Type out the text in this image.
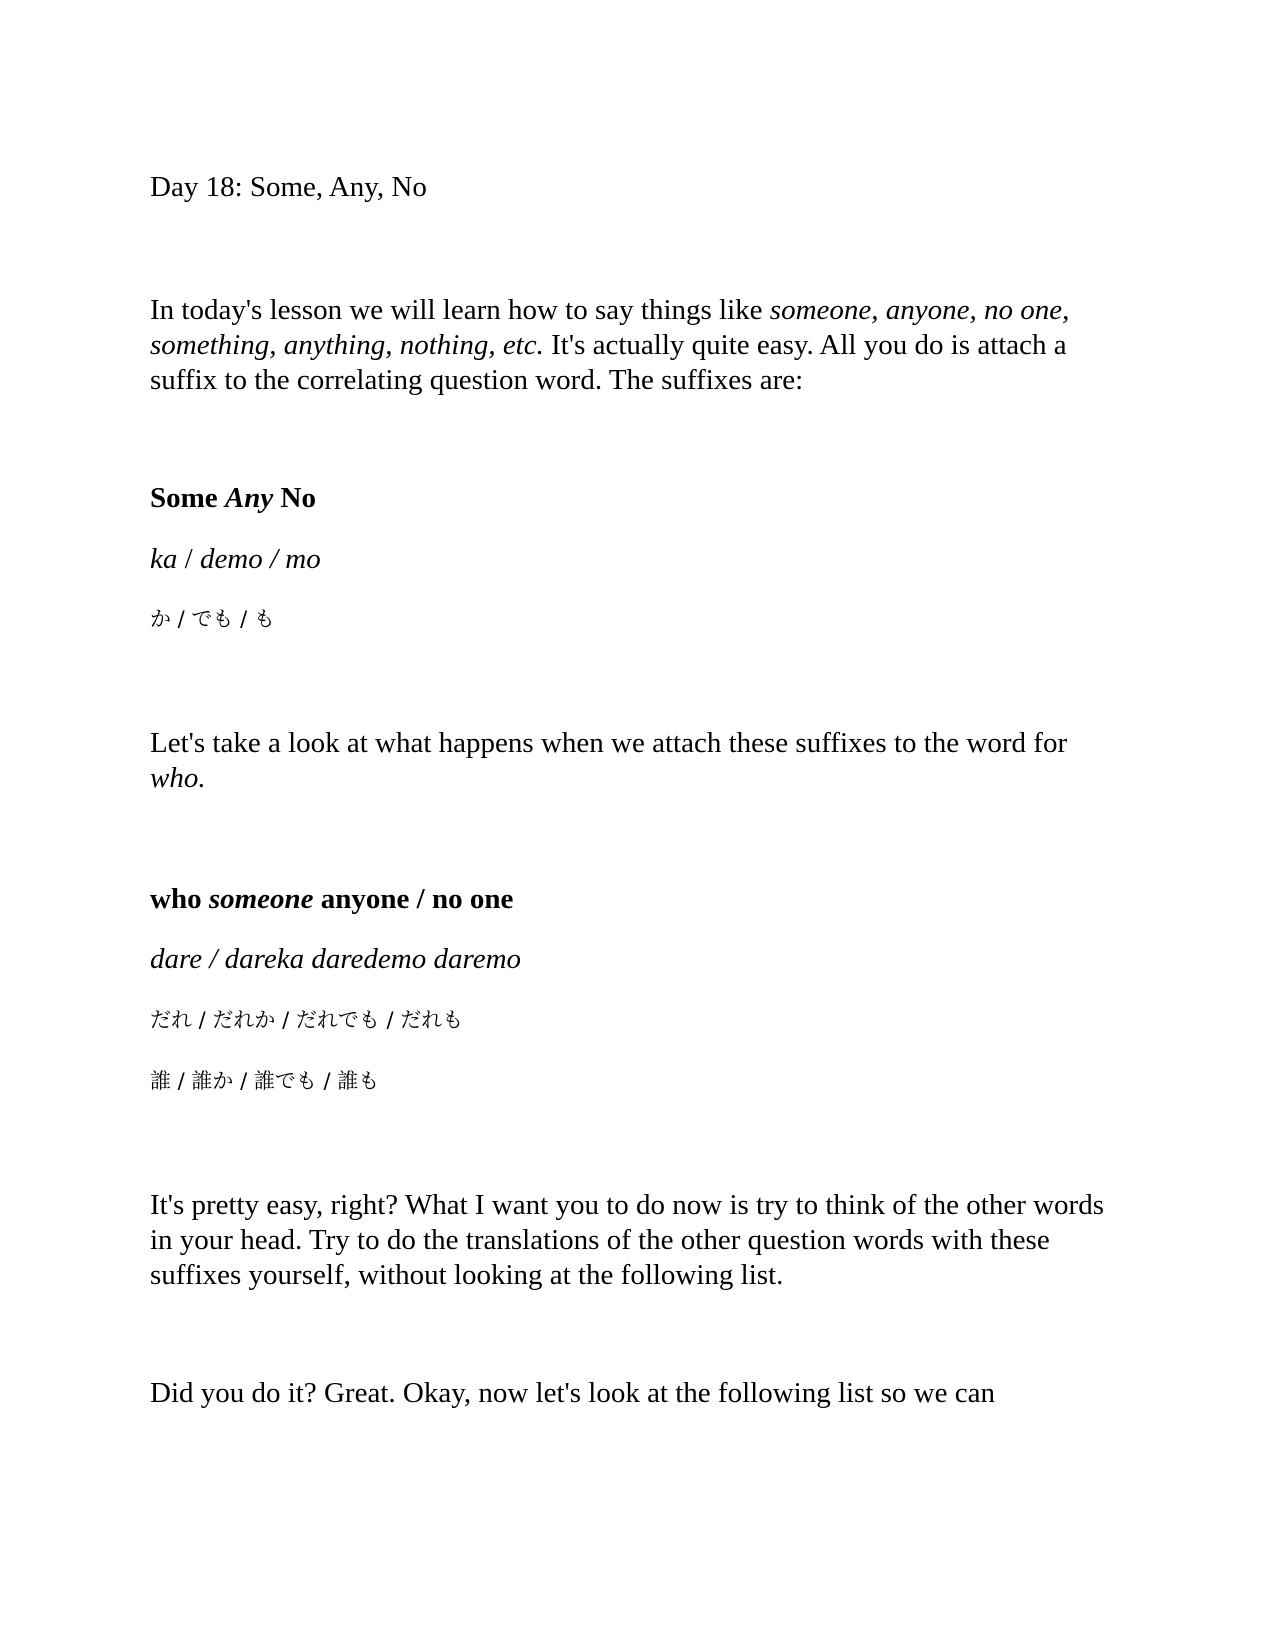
Day 18: Some, Any, No

In today's lesson we will learn how to say things like someone, anyone, no one, something, anything, nothing, etc. It's actually quite easy. All you do is attach a suffix to the correlating question word. The suffixes are:

Some Any No

ka / demo / mo

か / でも / も

Let's take a look at what happens when we attach these suffixes to the word for who.

who someone anyone / no one

dare / dareka daredemo daremo

だれ / だれか / だれでも / だれも

誰 / 誰か / 誰でも / 誰も

It's pretty easy, right? What I want you to do now is try to think of the other words in your head. Try to do the translations of the other question words with these suffixes yourself, without looking at the following list.

Did you do it? Great. Okay, now let's look at the following list so we can
